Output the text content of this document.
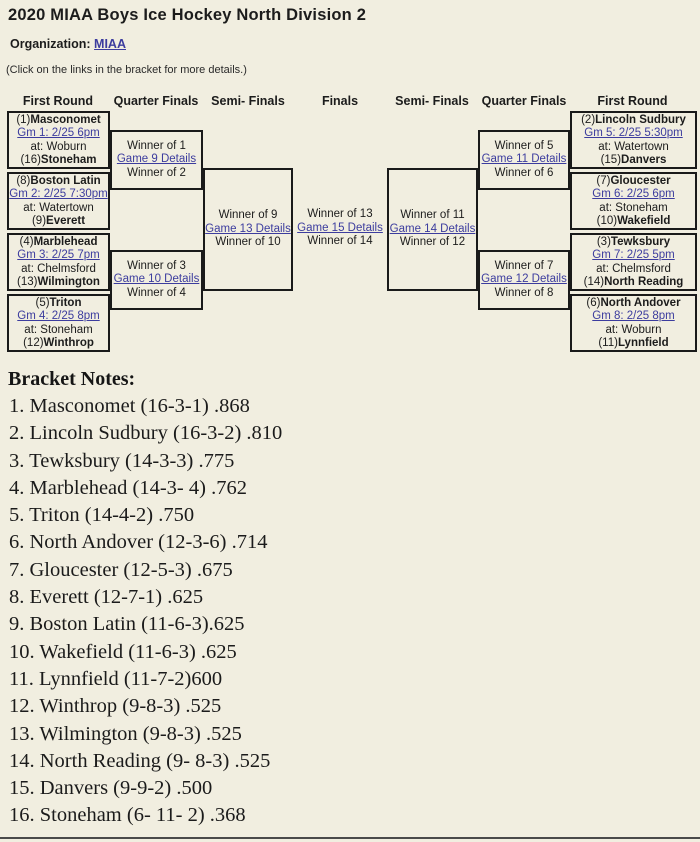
2020 MIAA Boys Ice Hockey North Division 2
Organization: MIAA
(Click on the links in the bracket for more details.)
First Round	Quarter Finals	Semi- Finals	Finals	Semi- Finals	Quarter Finals	First Round
(1)Masconomet
Gm 1: 2/25 6pm
at: Woburn
(16)Stoneham
(8)Boston Latin
Gm 2: 2/25 7:30pm
at: Watertown
(9)Everett
(4)Marblehead
Gm 3: 2/25 7pm
at: Chelmsford
(13)Wilmington
(5)Triton
Gm 4: 2/25 8pm
at: Stoneham
(12)Winthrop
Winner of 1
Game 9 Details
Winner of 2
Winner of 3
Game 10 Details
Winner of 4
Winner of 9
Game 13 Details
Winner of 10
Winner of 13
Game 15 Details
Winner of 14
Winner of 11
Game 14 Details
Winner of 12
Winner of 5
Game 11 Details
Winner of 6
Winner of 7
Game 12 Details
Winner of 8
(2)Lincoln Sudbury
Gm 5: 2/25 5:30pm
at: Watertown
(15)Danvers
(7)Gloucester
Gm 6: 2/25 6pm
at: Stoneham
(10)Wakefield
(3)Tewksbury
Gm 7: 2/25 5pm
at: Chelmsford
(14)North Reading
(6)North Andover
Gm 8: 2/25 8pm
at: Woburn
(11)Lynnfield
Bracket Notes:
1. Masconomet (16-3-1) .868
2. Lincoln Sudbury (16-3-2) .810
3. Tewksbury (14-3-3) .775
4. Marblehead (14-3- 4) .762
5. Triton (14-4-2) .750
6. North Andover (12-3-6) .714
7. Gloucester (12-5-3) .675
8. Everett (12-7-1) .625
9. Boston Latin (11-6-3).625
10. Wakefield (11-6-3) .625
11. Lynnfield (11-7-2)600
12. Winthrop (9-8-3) .525
13. Wilmington (9-8-3) .525
14. North Reading (9- 8-3) .525
15. Danvers (9-9-2) .500
16. Stoneham (6- 11- 2) .368
